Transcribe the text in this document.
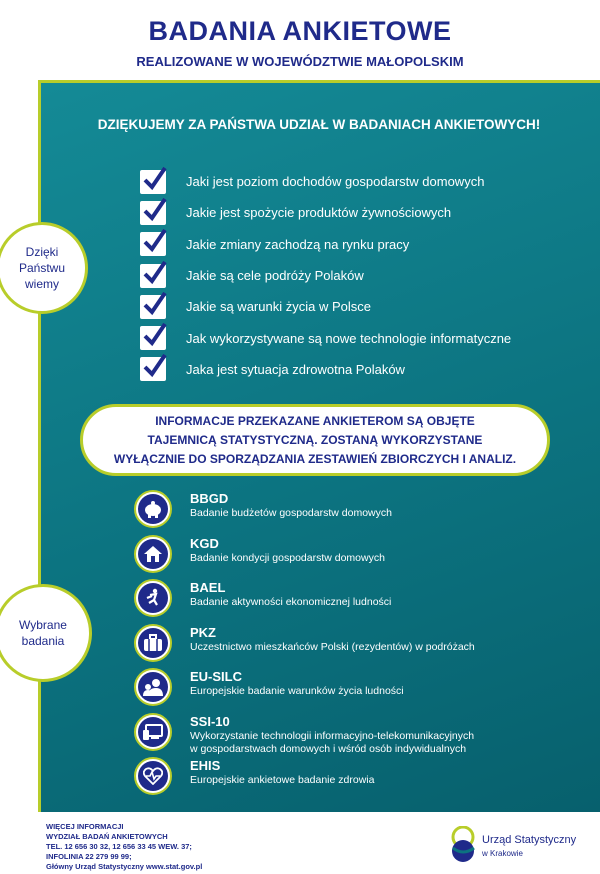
BADANIA ANKIETOWE
REALIZOWANE W WOJEWÓDZTWIE MAŁOPOLSKIM
DZIĘKUJEMY ZA PAŃSTWA UDZIAŁ W BADANIACH ANKIETOWYCH!
Dzięki
Państwu
wiemy
Jaki jest poziom dochodów gospodarstw domowych
Jakie jest spożycie produktów żywnościowych
Jakie zmiany zachodzą na rynku pracy
Jakie są cele podróży Polaków
Jakie są warunki życia w Polsce
Jak wykorzystywane są nowe technologie informatyczne
Jaka jest sytuacja zdrowotna Polaków
INFORMACJE PRZEKAZANE ANKIETEROM SĄ OBJĘTE
TAJEMNICĄ STATYSTYCZNĄ. ZOSTANĄ WYKORZYSTANE
WYŁĄCZNIE DO SPORZĄDZANIA ZESTAWIEŃ ZBIORCZYCH I ANALIZ.
Wybrane
badania
BBGD
Badanie budżetów gospodarstw domowych
KGD
Badanie kondycji gospodarstw domowych
BAEL
Badanie aktywności ekonomicznej ludności
PKZ
Uczestnictwo mieszkańców Polski (rezydentów) w podróżach
EU-SILC
Europejskie badanie warunków życia ludności
SSI-10
Wykorzystanie technologii informacyjno-telekomunikacyjnych
w gospodarstwach domowych i wśród osób indywidualnych
EHIS
Europejskie ankietowe badanie zdrowia
WIĘCEJ INFORMACJI
WYDZIAŁ BADAŃ ANKIETOWYCH
TEL. 12 656 30 32, 12 656 33 45 WEW. 37;
INFOLINIA 22 279 99 99;
Główny Urząd Statystyczny www.stat.gov.pl
Urząd Statystyczny
w Krakowie
